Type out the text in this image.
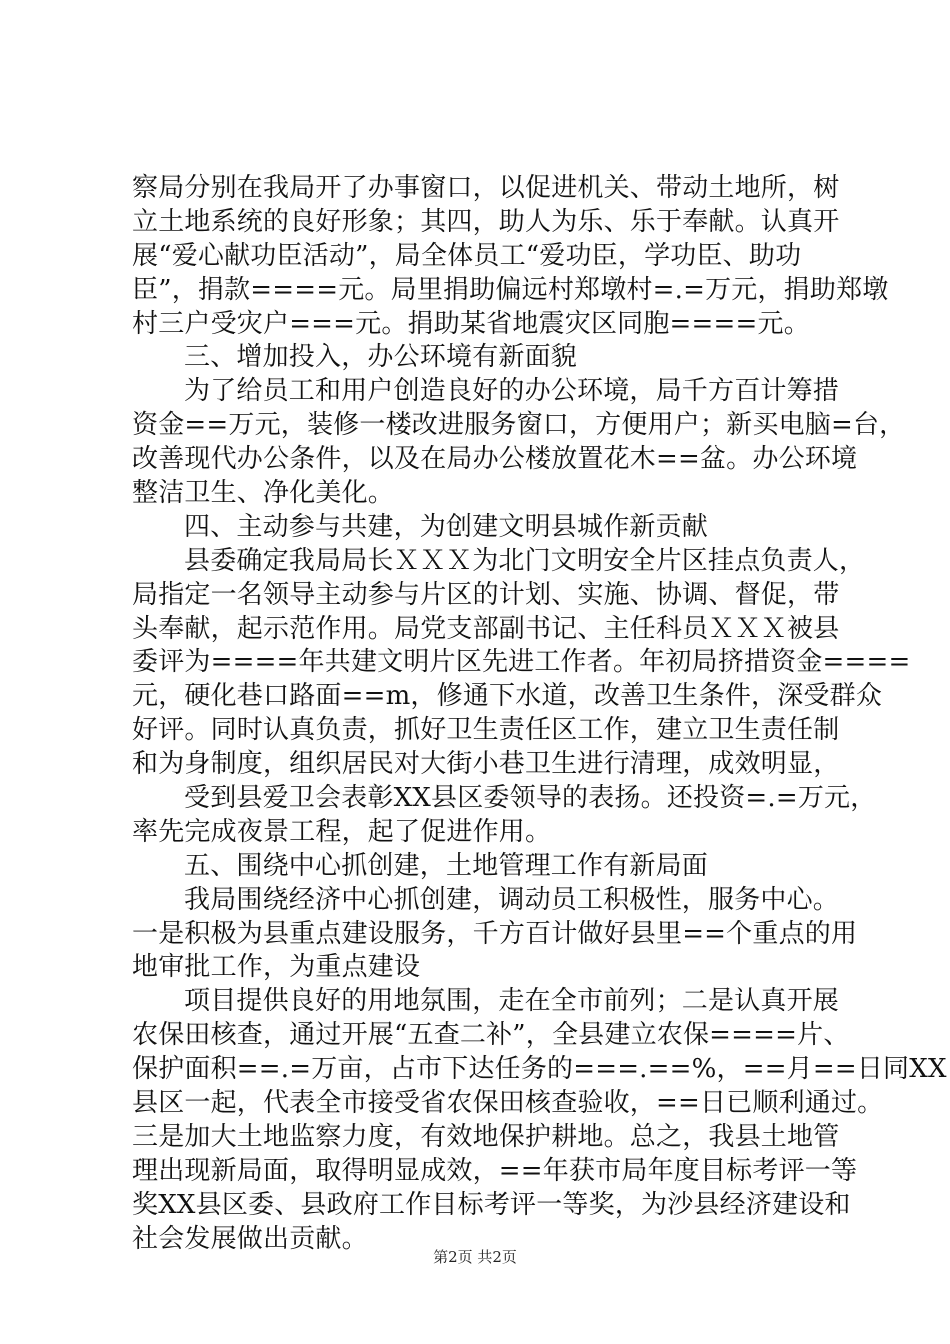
察局分别在我局开了办事窗口，以促进机关、带动土地所，树
立土地系统的良好形象；其四，助人为乐、乐于奉献。认真开
展“爱心献功臣活动”，局全体员工“爱功臣，学功臣、助功
臣”，捐款====元。局里捐助偏远村郑墩村=.=万元，捐助郑墩
村三户受灾户===元。捐助某省地震灾区同胞====元。
三、增加投入，办公环境有新面貌
为了给员工和用户创造良好的办公环境，局千方百计筹措
资金==万元，装修一楼改进服务窗口，方便用户；新买电脑=台，
改善现代办公条件，以及在局办公楼放置花木==盆。办公环境
整洁卫生、净化美化。
四、主动参与共建，为创建文明县城作新贡献
县委确定我局局长ＸＸＸ为北门文明安全片区挂点负责人，
局指定一名领导主动参与片区的计划、实施、协调、督促，带
头奉献，起示范作用。局党支部副书记、主任科员ＸＸＸ被县
委评为====年共建文明片区先进工作者。年初局挤措资金====
元，硬化巷口路面==m，修通下水道，改善卫生条件，深受群众
好评。同时认真负责，抓好卫生责任区工作，建立卫生责任制
和为身制度，组织居民对大街小巷卫生进行清理，成效明显，
受到县爱卫会表彰XX县区委领导的表扬。还投资=.=万元，
率先完成夜景工程，起了促进作用。
五、围绕中心抓创建，土地管理工作有新局面
我局围绕经济中心抓创建，调动员工积极性，服务中心。
一是积极为县重点建设服务，千方百计做好县里==个重点的用
地审批工作，为重点建设
项目提供良好的用地氛围，走在全市前列；二是认真开展
农保田核查，通过开展“五查二补”，全县建立农保====片、
保护面积==.=万亩，占市下达任务的===.==%，==月==日同XX
县区一起，代表全市接受省农保田核查验收，==日已顺利通过。
三是加大土地监察力度，有效地保护耕地。总之，我县土地管
理出现新局面，取得明显成效，==年获市局年度目标考评一等
奖XX县区委、县政府工作目标考评一等奖，为沙县经济建设和
社会发展做出贡献。
第2页 共2页
